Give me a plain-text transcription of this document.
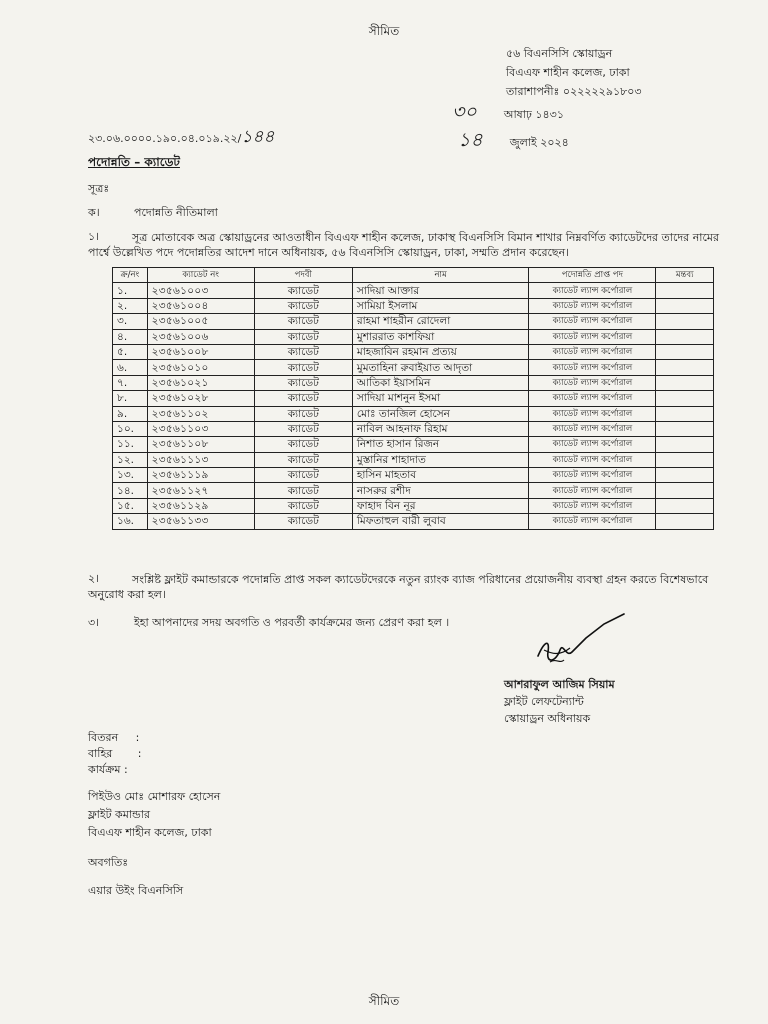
সীমিত
৫৬ বিএনসিসি স্কোয়াড্রন
বিএএফ শাহীন কলেজ, ঢাকা
তারাশাপনীঃ ০২২২২২৯১৮০৩
৩০ আষাঢ় ১৪৩১
১৪ জুলাই ২০২৪
২৩.০৬.০০০০.১৯০.০৪.০১৯.২২/১৪৪
পদোন্নতি – ক্যাডেট
সূত্রঃ
ক।	পদোন্নতি নীতিমালা
১।	সূত্র মোতাবেক অত্র স্কোয়াড্রনের আওতাধীন বিএএফ শাহীন কলেজ, ঢাকাস্থ বিএনসিসি বিমান শাখার নিম্নবর্ণিত ক্যাডেটদের তাদের নামের পার্শ্বে উল্লেখিত পদে পদোন্নতির আদেশ দানে অধিনায়ক, ৫৬ বিএনসিসি স্কোয়াড্রন, ঢাকা, সম্মতি প্রদান করেছেন।
ক্র/নং	ক্যাডেট নং	পদবী	নাম	পদোন্নতি প্রাপ্ত পদ	মন্তব্য
১.	২৩৫৬১০০৩	ক্যাডেট	সাদিয়া আক্তার	ক্যাডেট ল্যান্স কর্পোরাল	
২.	২৩৫৬১০০৪	ক্যাডেট	সামিয়া ইসলাম	ক্যাডেট ল্যান্স কর্পোরাল	
৩.	২৩৫৬১০০৫	ক্যাডেট	রাহমা শাহরীন রোদেলা	ক্যাডেট ল্যান্স কর্পোরাল	
৪.	২৩৫৬১০০৬	ক্যাডেট	মুশাররাত কাশফিয়া	ক্যাডেট ল্যান্স কর্পোরাল	
৫.	২৩৫৬১০০৮	ক্যাডেট	মাহজাবিন রহমান প্রত্যয়	ক্যাডেট ল্যান্স কর্পোরাল	
৬.	২৩৫৬১০১০	ক্যাডেট	মুমতাহিনা রুবাইয়াত আদৃতা	ক্যাডেট ল্যান্স কর্পোরাল	
৭.	২৩৫৬১০২১	ক্যাডেট	আতিকা ইয়াসমিন	ক্যাডেট ল্যান্স কর্পোরাল	
৮.	২৩৫৬১০২৮	ক্যাডেট	সাদিয়া মাশনুন ইসমা	ক্যাডেট ল্যান্স কর্পোরাল	
৯.	২৩৫৬১১০২	ক্যাডেট	মোঃ তানজিল হোসেন	ক্যাডেট ল্যান্স কর্পোরাল	
১০.	২৩৫৬১১০৩	ক্যাডেট	নাবিল আহনাফ রিহাম	ক্যাডেট ল্যান্স কর্পোরাল	
১১.	২৩৫৬১১০৮	ক্যাডেট	নিশাত হাসান রিজন	ক্যাডেট ল্যান্স কর্পোরাল	
১২.	২৩৫৬১১১৩	ক্যাডেট	মুস্তানির শাহাদাত	ক্যাডেট ল্যান্স কর্পোরাল	
১৩.	২৩৫৬১১১৯	ক্যাডেট	হাসিন মাহতাব	ক্যাডেট ল্যান্স কর্পোরাল	
১৪.	২৩৫৬১১২৭	ক্যাডেট	নাসরুর রশীদ	ক্যাডেট ল্যান্স কর্পোরাল	
১৫.	২৩৫৬১১২৯	ক্যাডেট	ফাহাদ বিন নূর	ক্যাডেট ল্যান্স কর্পোরাল	
১৬.	২৩৫৬১১৩৩	ক্যাডেট	মিফতাহুল বারী লুবাব	ক্যাডেট ল্যান্স কর্পোরাল	
২।	সংশ্লিষ্ট ফ্লাইট কমান্ডারকে পদোন্নতি প্রাপ্ত সকল ক্যাডেটদেরকে নতুন র‍্যাংক ব্যাজ পরিধানের প্রয়োজনীয় ব্যবস্থা গ্রহন করতে বিশেষভাবে অনুরোধ করা হল।
৩।	ইহা আপনাদের সদয় অবগতি ও পরবর্তী কার্যক্রমের জন্য প্রেরণ করা হল ।
আশরাফুল আজিম সিয়াম
ফ্লাইট লেফটেন্যান্ট
স্কোয়াড্রন অধিনায়ক
বিতরন :
বাহির :
কার্যক্রম :
পিইউও মোঃ মোশারফ হোসেন
ফ্লাইট কমান্ডার
বিএএফ শাহীন কলেজ, ঢাকা
অবগতিঃ
এয়ার উইং বিএনসিসি
সীমিত
